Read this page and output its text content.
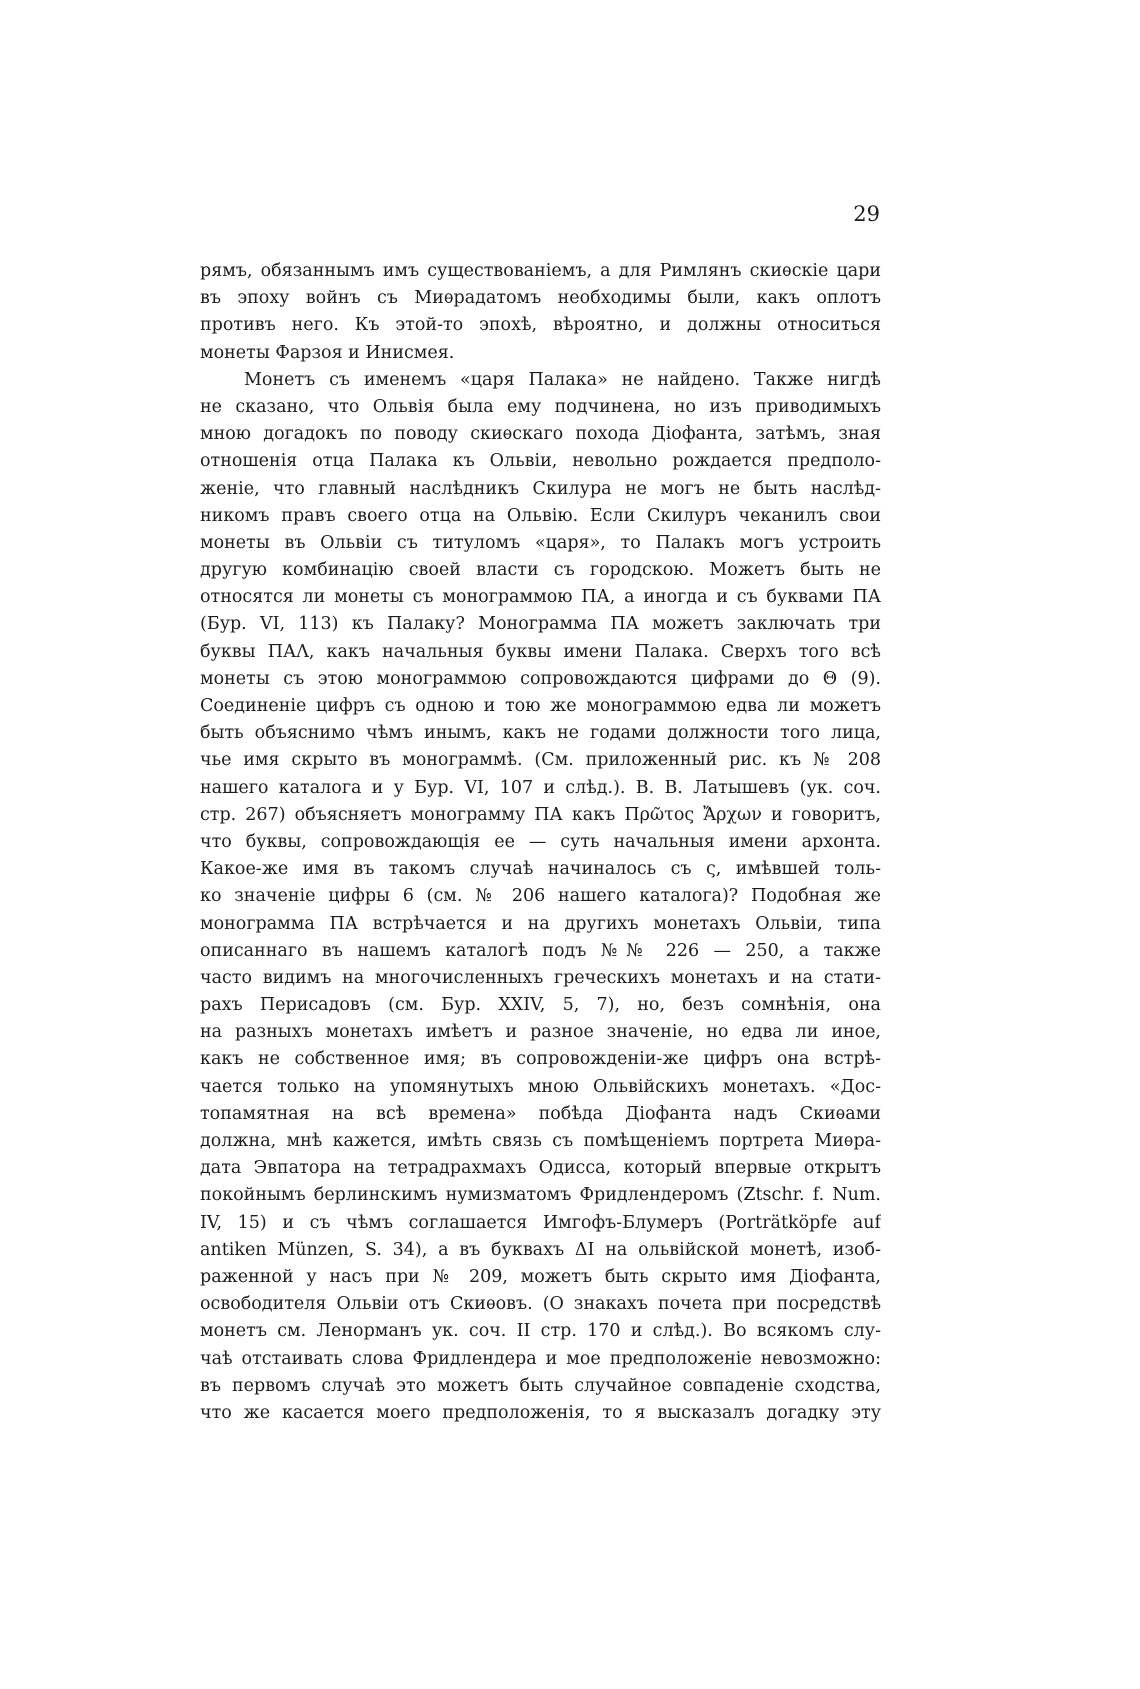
29
рямъ, обязаннымъ имъ существованіемъ, а для Римлянъ скиѳскіе цари
въ эпоху войнъ съ Миѳрадатомъ необходимы были, какъ оплотъ
противъ него. Къ этой-то эпохѣ, вѣроятно, и должны относиться
монеты Фарзоя и Инисмея.
Монетъ съ именемъ «царя Палака» не найдено. Также нигдѣ
не сказано, что Ольвія была ему подчинена, но изъ приводимыхъ
мною догадокъ по поводу скиѳскаго похода Діофанта, затѣмъ, зная
отношенія отца Палака къ Ольвіи, невольно рождается предполо-
женіе, что главный наслѣдникъ Скилура не могъ не быть наслѣд-
никомъ правъ своего отца на Ольвію. Если Скилуръ чеканилъ свои
монеты въ Ольвіи съ титуломъ «царя», то Палакъ могъ устроить
другую комбинацію своей власти съ городскою. Можетъ быть не
относятся ли монеты съ монограммою ПА, а иногда и съ буквами ПА
(Бур. VI, 113) къ Палаку? Монограмма ПА можетъ заключать три
буквы ПАΛ, какъ начальныя буквы имени Палака. Сверхъ того всѣ
монеты съ этою монограммою сопровождаются цифрами до Θ (9).
Соединеніе цифръ съ одною и тою же монограммою едва ли можетъ
быть объяснимо чѣмъ инымъ, какъ не годами должности того лица,
чье имя скрыто въ монограммѣ. (См. приложенный рис. къ № 208
нашего каталога и у Бур. VI, 107 и слѣд.). В. В. Латышевъ (ук. соч.
стр. 267) объясняетъ монограмму ПА какъ Πρῶτος Ἄρχων и говоритъ,
что буквы, сопровождающія ее — суть начальныя имени архонта.
Какое-же имя въ такомъ случаѣ начиналось съ ς, имѣвшей толь-
ко значеніе цифры 6 (см. № 206 нашего каталога)? Подобная же
монограмма ПА встрѣчается и на другихъ монетахъ Ольвіи, типа
описаннаго въ нашемъ каталогѣ подъ №№ 226 — 250, а также
часто видимъ на многочисленныхъ греческихъ монетахъ и на стати-
рахъ Перисадовъ (см. Бур. XXIV, 5, 7), но, безъ сомнѣнія, она
на разныхъ монетахъ имѣетъ и разное значеніе, но едва ли иное,
какъ не собственное имя; въ сопровожденіи-же цифръ она встрѣ-
чается только на упомянутыхъ мною Ольвійскихъ монетахъ. «Дос-
топамятная на всѣ времена» побѣда Діофанта надъ Скиѳами
должна, мнѣ кажется, имѣть связь съ помѣщеніемъ портрета Миѳра-
дата Эвпатора на тетрадрахмахъ Одисса, который впервые открытъ
покойнымъ берлинскимъ нумизматомъ Фридлендеромъ (Ztschr. f. Num.
IV, 15) и съ чѣмъ соглашается Имгофъ-Блумеръ (Porträtköpfe auf
antiken Münzen, S. 34), а въ буквахъ ΔΙ на ольвійской монетѣ, изоб-
раженной у насъ при № 209, можетъ быть скрыто имя Діофанта,
освободителя Ольвіи отъ Скиѳовъ. (О знакахъ почета при посредствѣ
монетъ см. Ленорманъ ук. соч. II стр. 170 и слѣд.). Во всякомъ слу-
чаѣ отстаивать слова Фридлендера и мое предположеніе невозможно:
въ первомъ случаѣ это можетъ быть случайное совпаденіе сходства,
что же касается моего предположенія, то я высказалъ догадку эту
